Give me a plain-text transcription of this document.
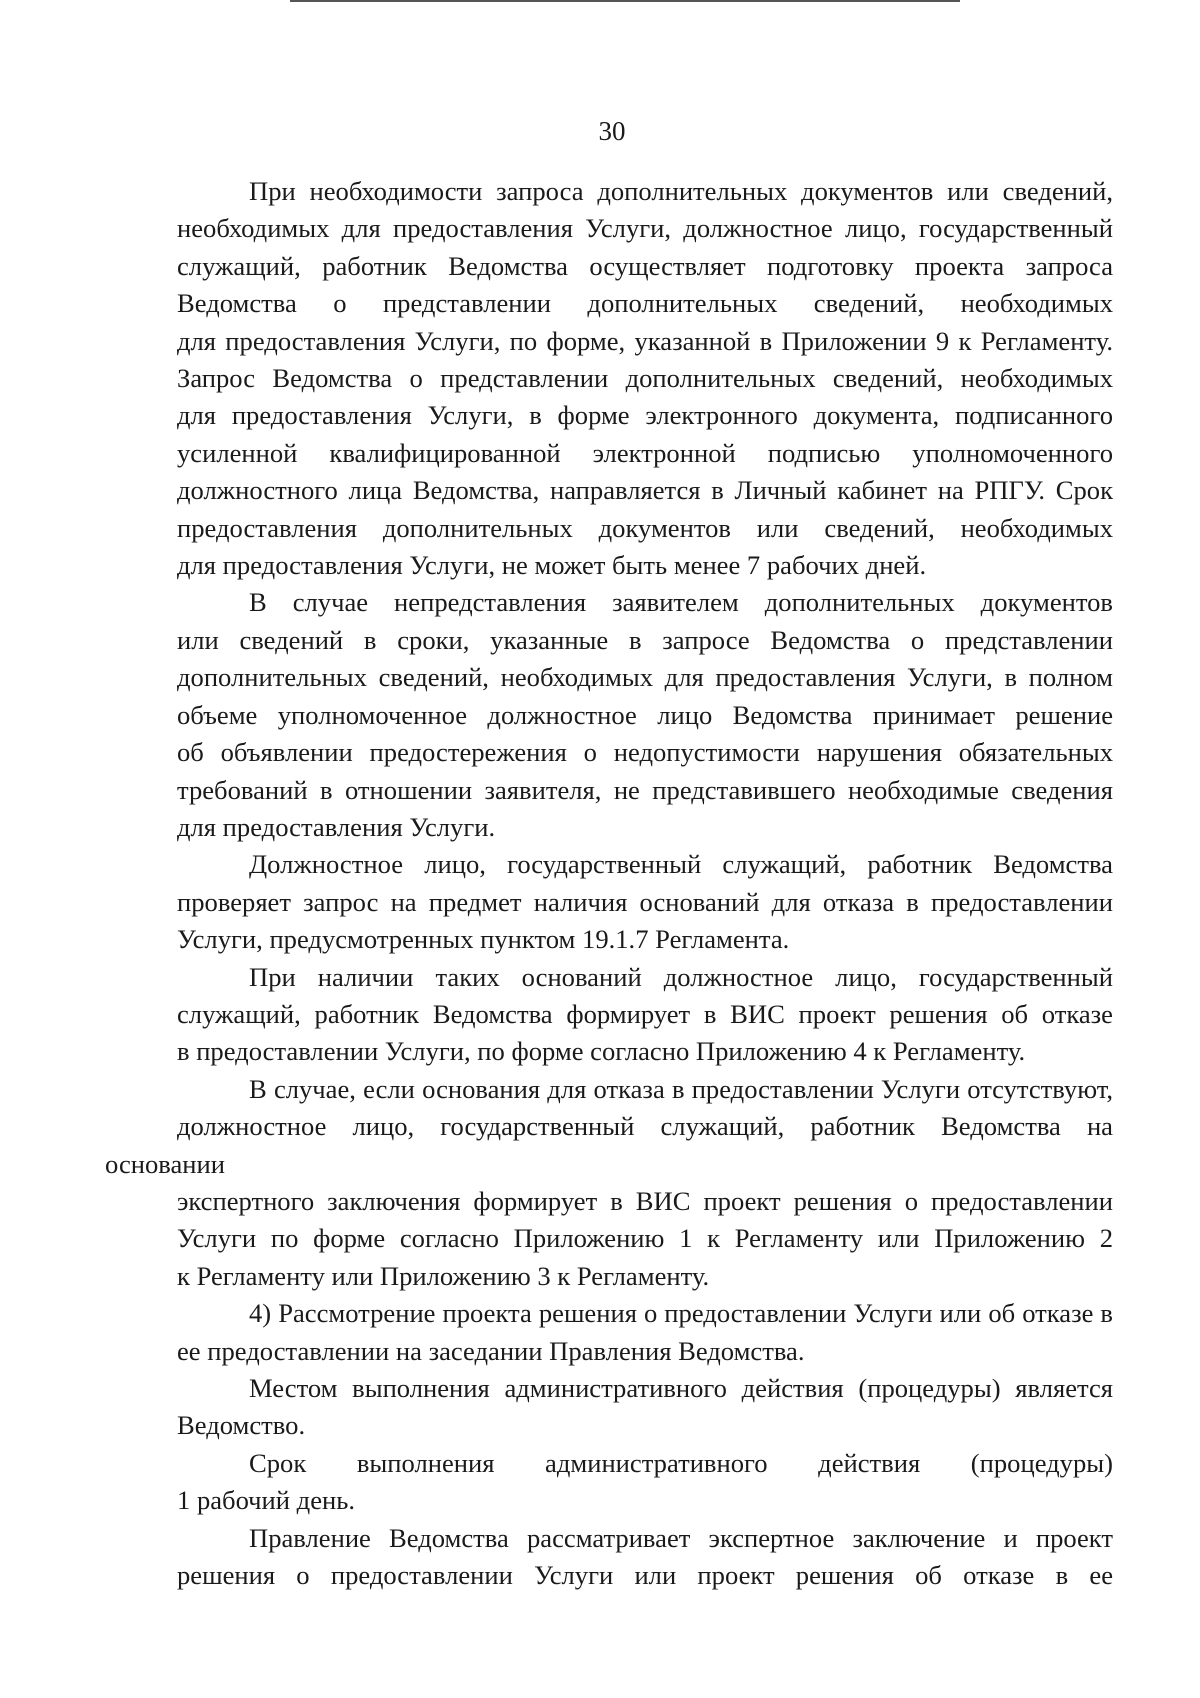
30
При необходимости запроса дополнительных документов или сведений,
необходимых для предоставления Услуги, должностное лицо, государственный
служащий, работник Ведомства осуществляет подготовку проекта запроса
Ведомства о представлении дополнительных сведений, необходимых
для предоставления Услуги, по форме, указанной в Приложении 9 к Регламенту.
Запрос Ведомства о представлении дополнительных сведений, необходимых
для предоставления Услуги, в форме электронного документа, подписанного
усиленной квалифицированной электронной подписью уполномоченного
должностного лица Ведомства, направляется в Личный кабинет на РПГУ. Срок
предоставления дополнительных документов или сведений, необходимых
для предоставления Услуги, не может быть менее 7 рабочих дней.
В случае непредставления заявителем дополнительных документов
или сведений в сроки, указанные в запросе Ведомства о представлении
дополнительных сведений, необходимых для предоставления Услуги, в полном
объеме уполномоченное должностное лицо Ведомства принимает решение
об объявлении предостережения о недопустимости нарушения обязательных
требований в отношении заявителя, не представившего необходимые сведения
для предоставления Услуги.
Должностное лицо, государственный служащий, работник Ведомства
проверяет запрос на предмет наличия оснований для отказа в предоставлении
Услуги, предусмотренных пунктом 19.1.7 Регламента.
При наличии таких оснований должностное лицо, государственный
служащий, работник Ведомства формирует в ВИС проект решения об отказе
в предоставлении Услуги, по форме согласно Приложению 4 к Регламенту.
В случае, если основания для отказа в предоставлении Услуги отсутствуют,
должностное лицо, государственный служащий, работник Ведомства на основании
экспертного заключения формирует в ВИС проект решения о предоставлении
Услуги по форме согласно Приложению 1 к Регламенту или Приложению 2
к Регламенту или Приложению 3 к Регламенту.
4) Рассмотрение проекта решения о предоставлении Услуги или об отказе в
ее предоставлении на заседании Правления Ведомства.
Местом выполнения административного действия (процедуры) является
Ведомство.
Срок выполнения административного действия (процедуры)
1 рабочий день.
Правление Ведомства рассматривает экспертное заключение и проект
решения о предоставлении Услуги или проект решения об отказе в ее
